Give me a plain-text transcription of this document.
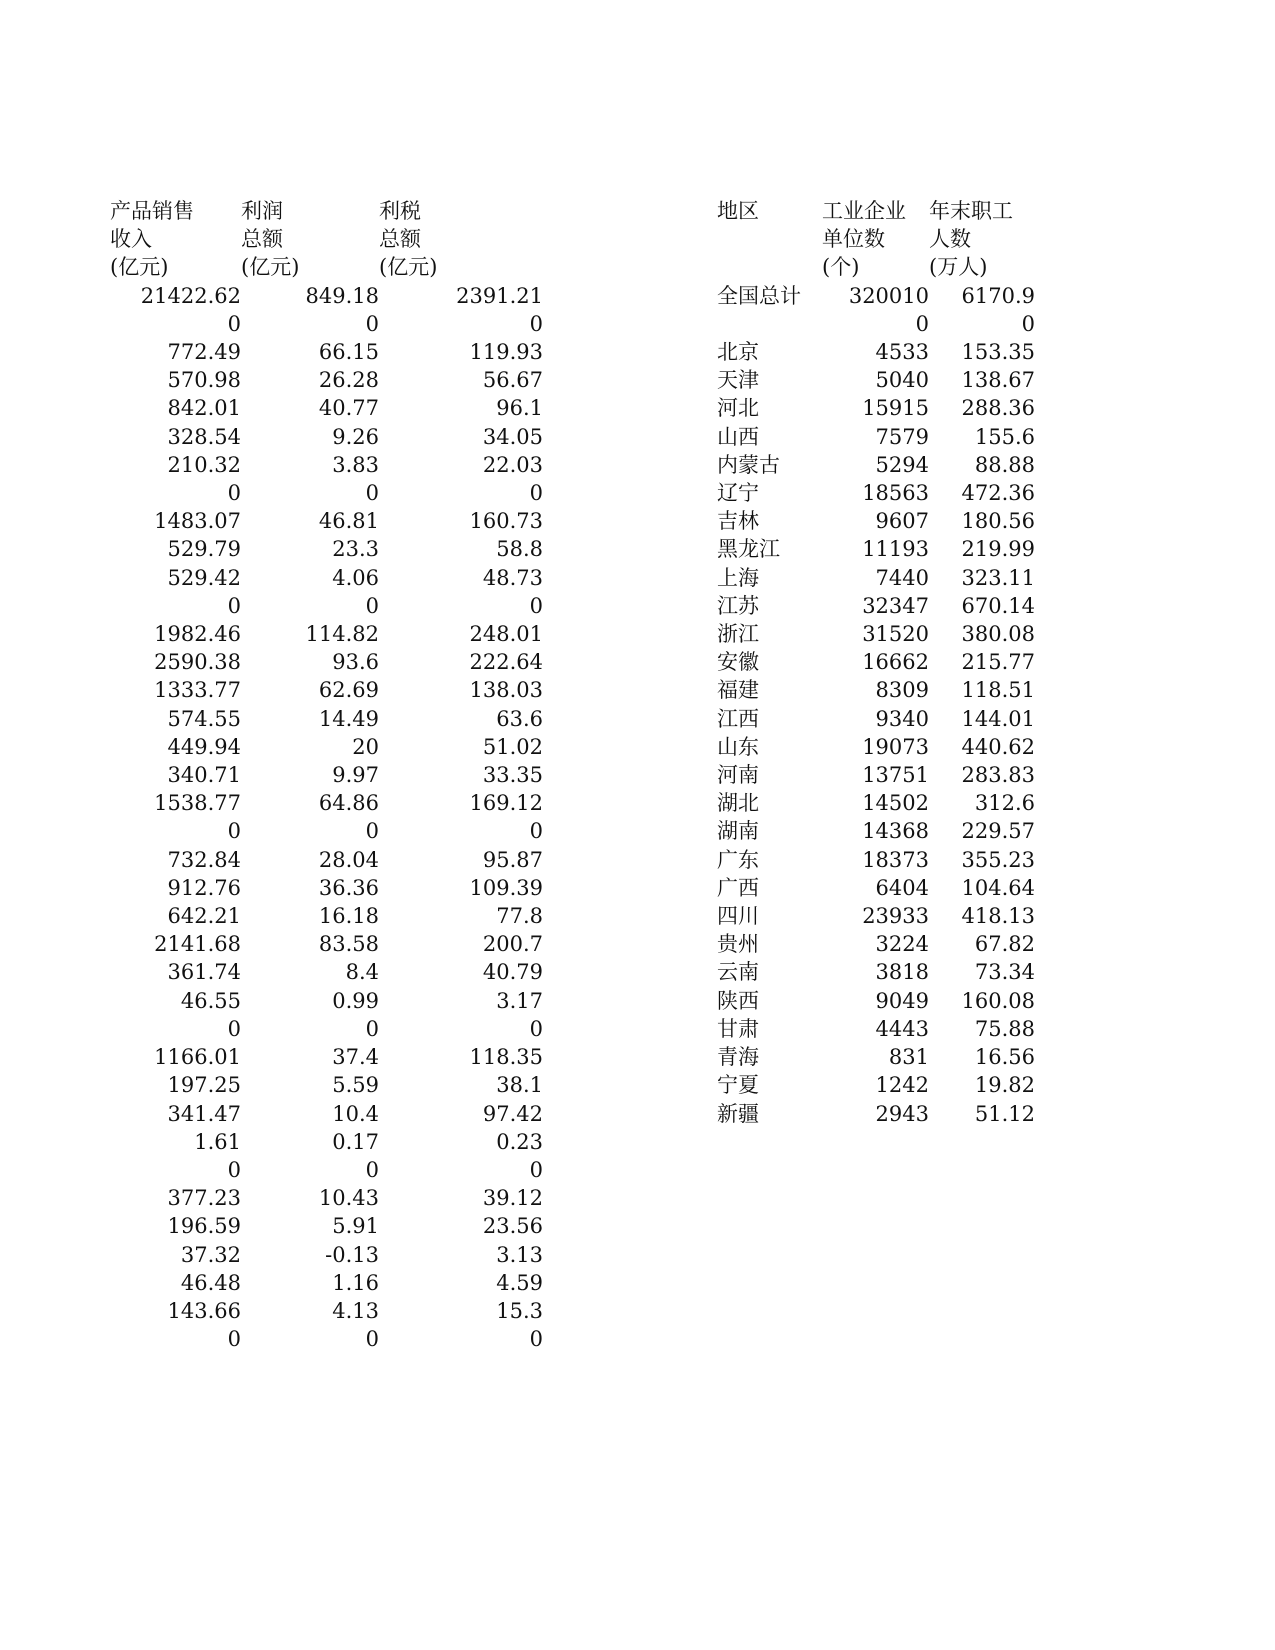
产品销售	利润	利税
收入	总额	总额
(亿元)	(亿元)	(亿元)
21422.62	849.18	2391.21
0	0	0
772.49	66.15	119.93
570.98	26.28	56.67
842.01	40.77	96.1
328.54	9.26	34.05
210.32	3.83	22.03
0	0	0
1483.07	46.81	160.73
529.79	23.3	58.8
529.42	4.06	48.73
0	0	0
1982.46	114.82	248.01
2590.38	93.6	222.64
1333.77	62.69	138.03
574.55	14.49	63.6
449.94	20	51.02
340.71	9.97	33.35
1538.77	64.86	169.12
0	0	0
732.84	28.04	95.87
912.76	36.36	109.39
642.21	16.18	77.8
2141.68	83.58	200.7
361.74	8.4	40.79
46.55	0.99	3.17
0	0	0
1166.01	37.4	118.35
197.25	5.59	38.1
341.47	10.4	97.42
1.61	0.17	0.23
0	0	0
377.23	10.43	39.12
196.59	5.91	23.56
37.32	-0.13	3.13
46.48	1.16	4.59
143.66	4.13	15.3
0	0	0
地区	工业企业	年末职工
	单位数	人数
	(个)	(万人)
全国总计	320010	6170.9
	0	0
北京	4533	153.35
天津	5040	138.67
河北	15915	288.36
山西	7579	155.6
内蒙古	5294	88.88
辽宁	18563	472.36
吉林	9607	180.56
黑龙江	11193	219.99
上海	7440	323.11
江苏	32347	670.14
浙江	31520	380.08
安徽	16662	215.77
福建	8309	118.51
江西	9340	144.01
山东	19073	440.62
河南	13751	283.83
湖北	14502	312.6
湖南	14368	229.57
广东	18373	355.23
广西	6404	104.64
四川	23933	418.13
贵州	3224	67.82
云南	3818	73.34
陕西	9049	160.08
甘肃	4443	75.88
青海	831	16.56
宁夏	1242	19.82
新疆	2943	51.12
